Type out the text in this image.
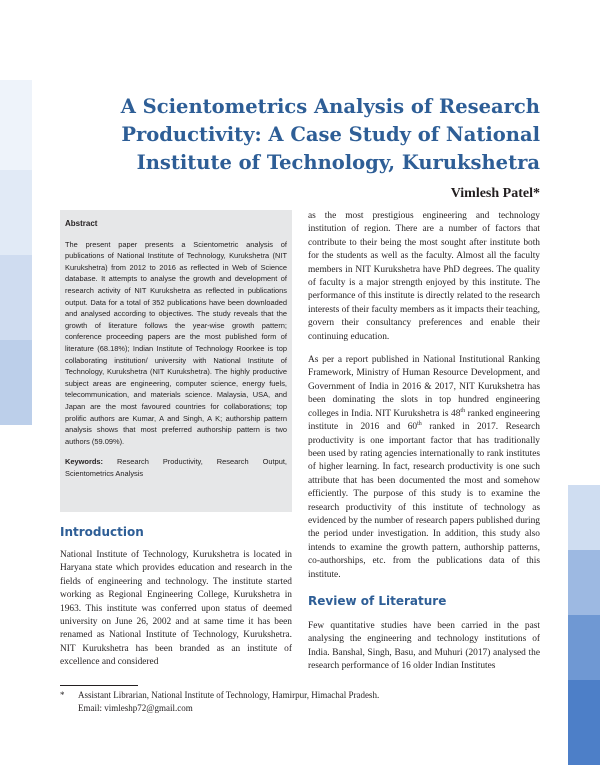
A Scientometrics Analysis of Research Productivity: A Case Study of National Institute of Technology, Kurukshetra
Vimlesh Patel*
Abstract

The present paper presents a Scientometric analysis of publications of National Institute of Technology, Kurukshetra (NIT Kurukshetra) from 2012 to 2016 as reflected in Web of Science database. It attempts to analyse the growth and development of research activity of NIT Kurukshetra as reflected in publications output. Data for a total of 352 publications have been downloaded and analysed according to objectives. The study reveals that the growth of literature follows the year-wise growth pattern; conference proceeding papers are the most published form of literature (68.18%); Indian Institute of Technology Roorkee is top collaborating institution/ university with National Institute of Technology, Kurukshetra (NIT Kurukshetra). The highly productive subject areas are engineering, computer science, energy fuels, telecommunication, and materials science. Malaysia, USA, and Japan are the most favoured countries for collaborations; top prolific authors are Kumar, A and Singh, A K; authorship pattern analysis shows that most preferred authorship pattern is two authors (59.09%).

Keywords: Research Productivity, Research Output, Scientometrics Analysis
Introduction

National Institute of Technology, Kurukshetra is located in Haryana state which provides education and research in the fields of engineering and technology. The institute started working as Regional Engineering College, Kurukshetra in 1963. This institute was conferred upon status of deemed university on June 26, 2002 and at same time it has been renamed as National Institute of Technology, Kurukshetra. NIT Kurukshetra has been branded as an institute of excellence and considered

as the most prestigious engineering and technology institution of region. There are a number of factors that contribute to their being the most sought after institute both for the students as well as the faculty. Almost all the faculty members in NIT Kurukshetra have PhD degrees. The quality of faculty is a major strength enjoyed by this institute. The performance of this institute is directly related to the research interests of their faculty members as it impacts their teaching, govern their consultancy preferences and enable their continuing education.

As per a report published in National Institutional Ranking Framework, Ministry of Human Resource Development, and Government of India in 2016 & 2017, NIT Kurukshetra has been dominating the slots in top hundred engineering colleges in India. NIT Kurukshetra is 48th ranked engineering institute in 2016 and 60th ranked in 2017. Research productivity is one important factor that has traditionally been used by rating agencies internationally to rank institutes of higher learning. In fact, research productivity is one such attribute that has been documented the most and somehow efficiently. The purpose of this study is to examine the research productivity of this institute of technology as evidenced by the number of research papers published during the period under investigation. In addition, this study also intends to examine the growth pattern, authorship patterns, co-authorships, etc. from the publications data of this institute.

Review of Literature

Few quantitative studies have been carried in the past analysing the engineering and technology institutions of India. Banshal, Singh, Basu, and Muhuri (2017) analysed the research performance of 16 older Indian Institutes

* Assistant Librarian, National Institute of Technology, Hamirpur, Himachal Pradesh.
Email: vimleshp72@gmail.com
